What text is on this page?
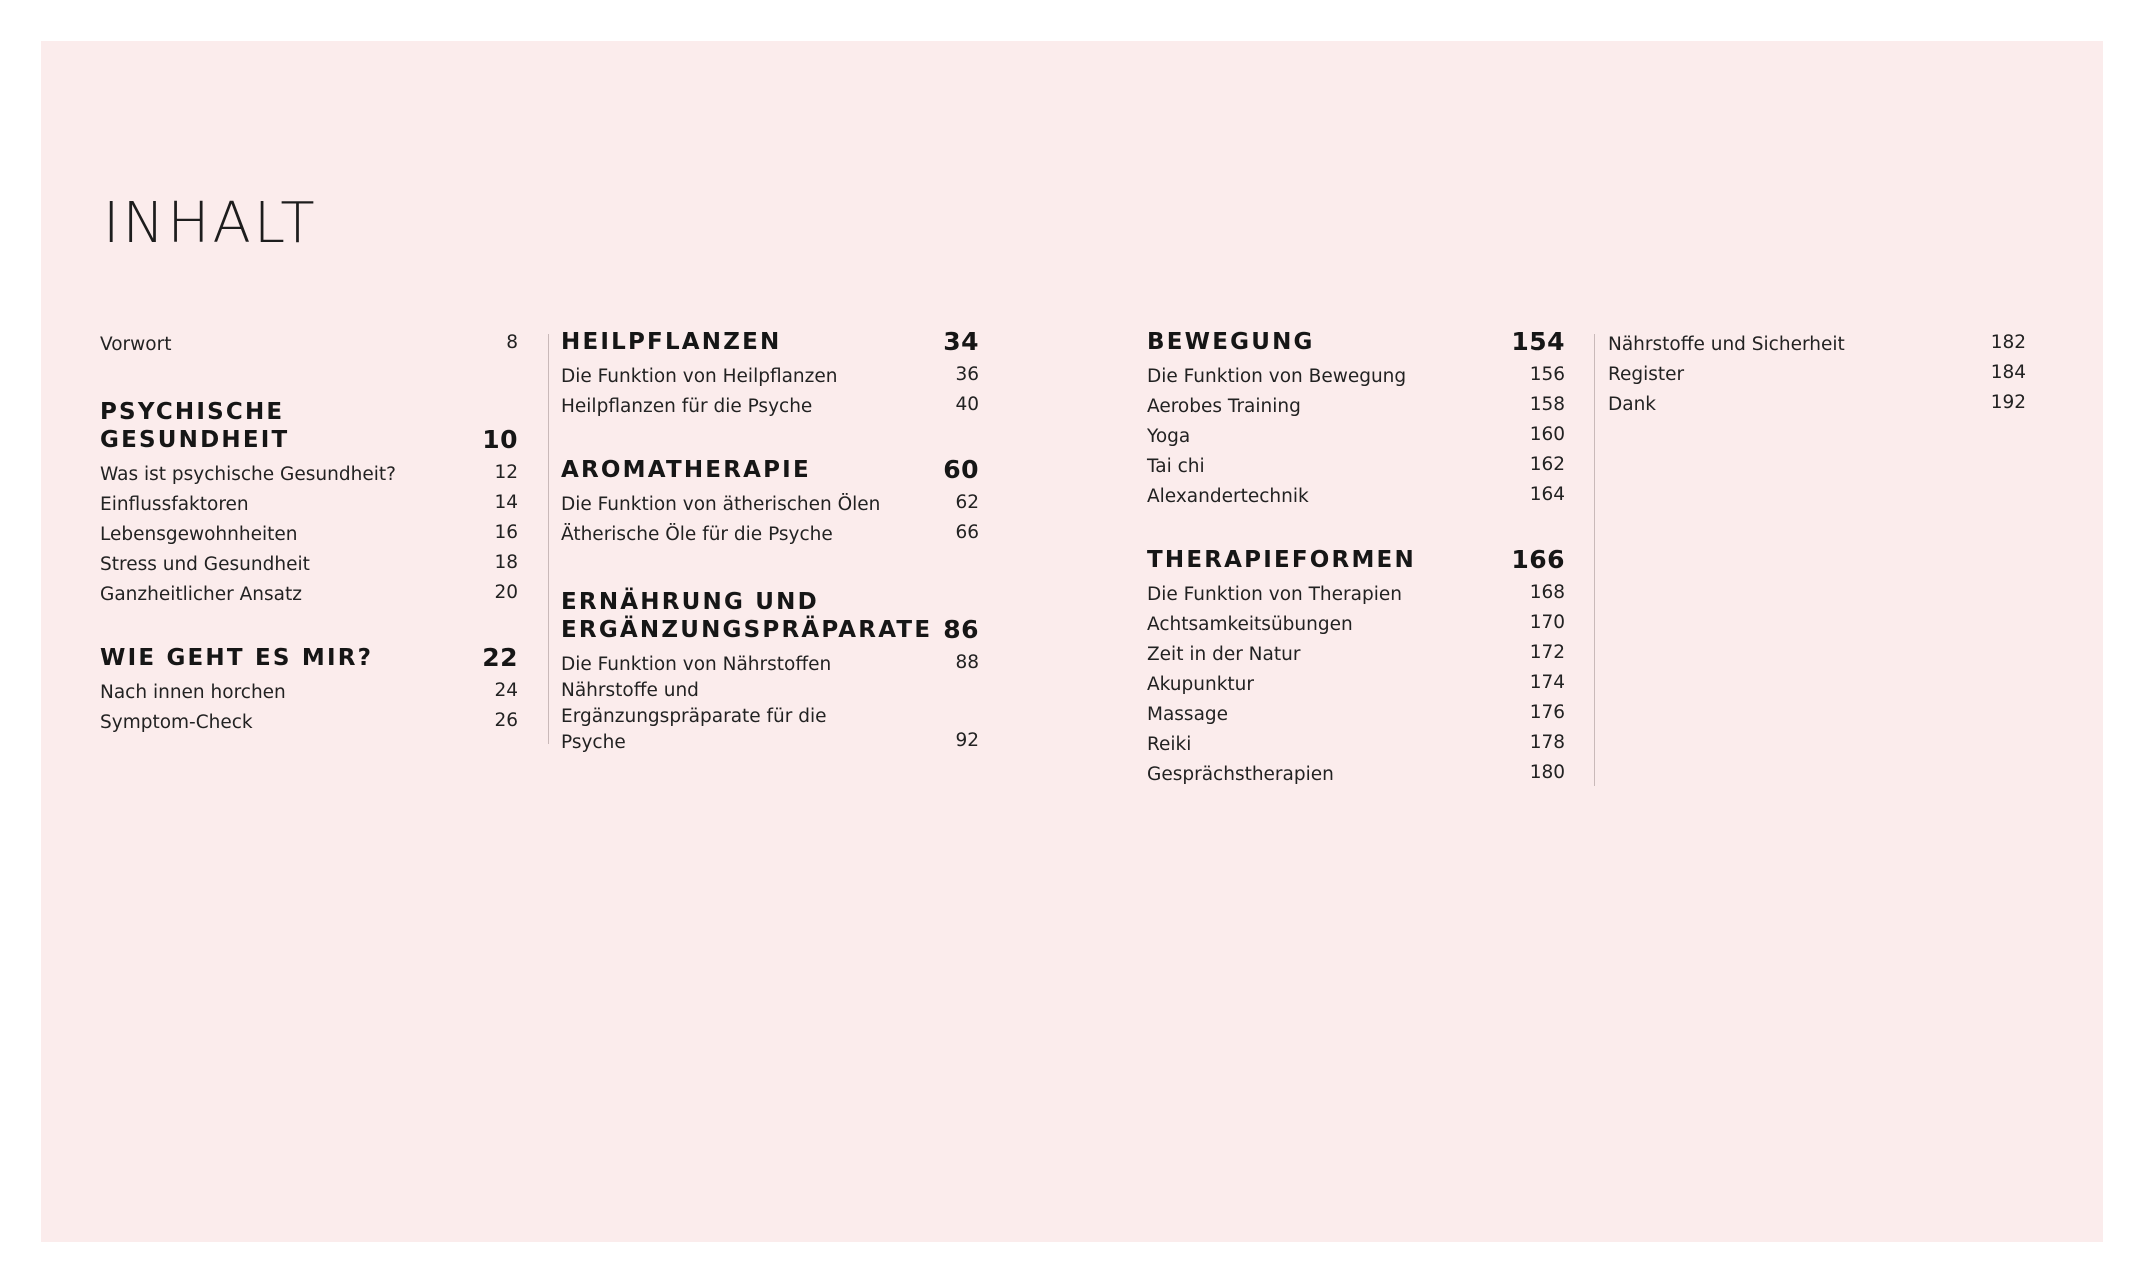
INHALT
Vorwort	8
PSYCHISCHE GESUNDHEIT	10
Was ist psychische Gesundheit?	12
Einflussfaktoren	14
Lebensgewohnheiten	16
Stress und Gesundheit	18
Ganzheitlicher Ansatz	20
WIE GEHT ES MIR?	22
Nach innen horchen	24
Symptom-Check	26
HEILPFLANZEN	34
Die Funktion von Heilpflanzen	36
Heilpflanzen für die Psyche	40
AROMATHERAPIE	60
Die Funktion von ätherischen Ölen	62
Ätherische Öle für die Psyche	66
ERNÄHRUNG UND ERGÄNZUNGSPRÄPARATE 86
Die Funktion von Nährstoffen	88
Nährstoffe und Ergänzungspräparate für die Psyche	92
BEWEGUNG	154
Die Funktion von Bewegung	156
Aerobes Training	158
Yoga	160
Tai chi	162
Alexandertechnik	164
THERAPIEFORMEN	166
Die Funktion von Therapien	168
Achtsamkeitsübungen	170
Zeit in der Natur	172
Akupunktur	174
Massage	176
Reiki	178
Gesprächstherapien	180
Nährstoffe und Sicherheit	182
Register	184
Dank	192
